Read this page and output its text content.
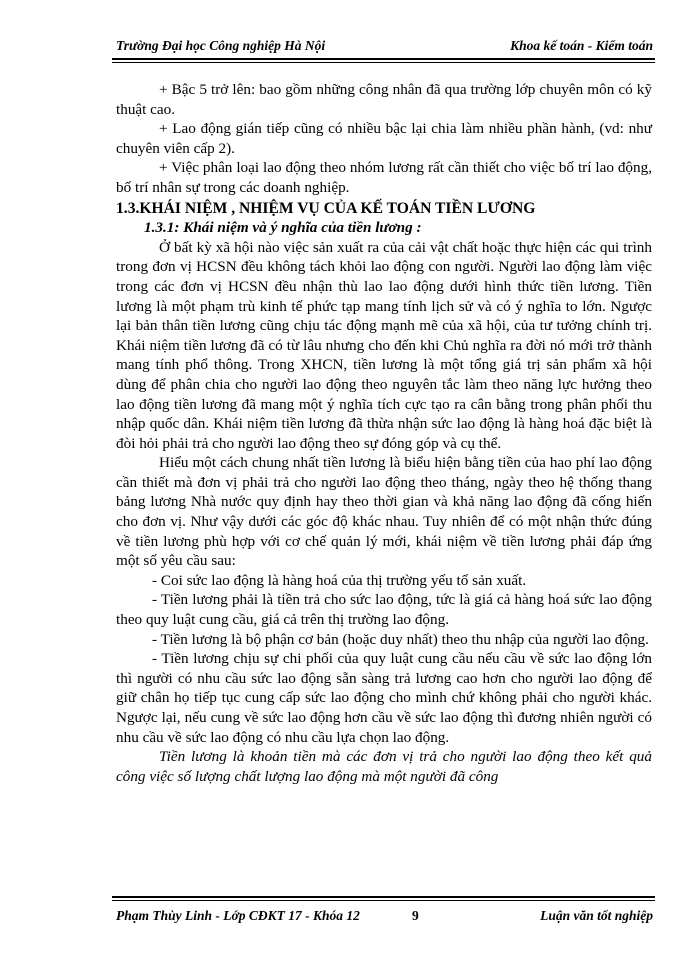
Trường Đại học Công nghiệp Hà Nội	Khoa kế toán - Kiểm toán

+ Bậc 5 trở lên: bao gồm những công nhân đã qua trường lớp chuyên môn có kỹ thuật cao.

+ Lao động gián tiếp cũng có nhiều bậc lại chia làm nhiều phần hành, (vd: như chuyên viên cấp 2).

+ Việc phân loại lao động theo nhóm lương rất cần thiết cho việc bố trí lao động, bố trí nhân sự trong các doanh nghiệp.

1.3.KHÁI NIỆM , NHIỆM VỤ CỦA KẾ TOÁN TIỀN LƯƠNG

1.3.1: Khái niệm và ý nghĩa của tiền lương :

Ở bất kỳ xã hội nào việc sản xuất ra của cải vật chất hoặc thực hiện các qui trình trong đơn vị HCSN đều không tách khỏi lao động con người. Người lao động làm việc trong các đơn vị HCSN đều nhận thù lao lao động dưới hình thức tiền lương. Tiền lương là một phạm trù kinh tế phức tạp mang tính lịch sử và có ý nghĩa to lớn. Ngược lại bản thân tiền lương cũng chịu tác động mạnh mẽ của xã hội, của tư tưởng chính trị. Khái niệm tiền lương đã có từ lâu nhưng cho đến khi Chủ nghĩa ra đời nó mới trở thành mang tính phổ thông. Trong XHCN, tiền lương là một tổng giá trị sản phẩm xã hội dùng để phân chia cho người lao động theo nguyên tắc làm theo năng lực hưởng theo lao động tiền lương đã mang một ý nghĩa tích cực tạo ra cân bằng trong phân phối thu nhập quốc dân. Khái niệm tiền lương đã thừa nhận sức lao động là hàng hoá đặc biệt là đòi hỏi phải trả cho người lao động theo sự đóng góp và cụ thể.

Hiểu một cách chung nhất tiền lương là biểu hiện bằng tiền của hao phí lao động cần thiết mà đơn vị phải trả cho người lao động theo tháng, ngày theo hệ thống thang bảng lương Nhà nước quy định hay theo thời gian và khả năng lao động đã cống hiến cho đơn vị. Như vậy dưới các góc độ khác nhau. Tuy nhiên để có một nhận thức đúng về tiền lương phù hợp với cơ chế quản lý mới, khái niệm về tiền lương phải đáp ứng một số yêu cầu sau:

- Coi sức lao động là hàng hoá của thị trường yếu tố sản xuất.

- Tiền lương phải là tiền trả cho sức lao động, tức là giá cả hàng hoá sức lao động theo quy luật cung cầu, giá cả trên thị trường lao động.

- Tiền lương là bộ phận cơ bản (hoặc duy nhất) theo thu nhập của người lao động.

- Tiền lương chịu sự chi phối của quy luật cung cầu nếu cầu về sức lao động lớn thì người có nhu cầu sức lao động sẵn sàng trả lương cao hơn cho người lao động để giữ chân họ tiếp tục cung cấp sức lao động cho mình chứ không phải cho người khác. Ngược lại, nếu cung về sức lao động hơn cầu về sức lao động thì đương nhiên người có nhu cầu về sức lao động có nhu cầu lựa chọn lao động.

Tiền lương là khoản tiền mà các đơn vị trả cho người lao động theo kết quả công việc số lượng chất lượng lao động mà một người đã công

Phạm Thùy Linh - Lớp CĐKT 17 - Khóa 12	9	Luận văn tốt nghiệp
